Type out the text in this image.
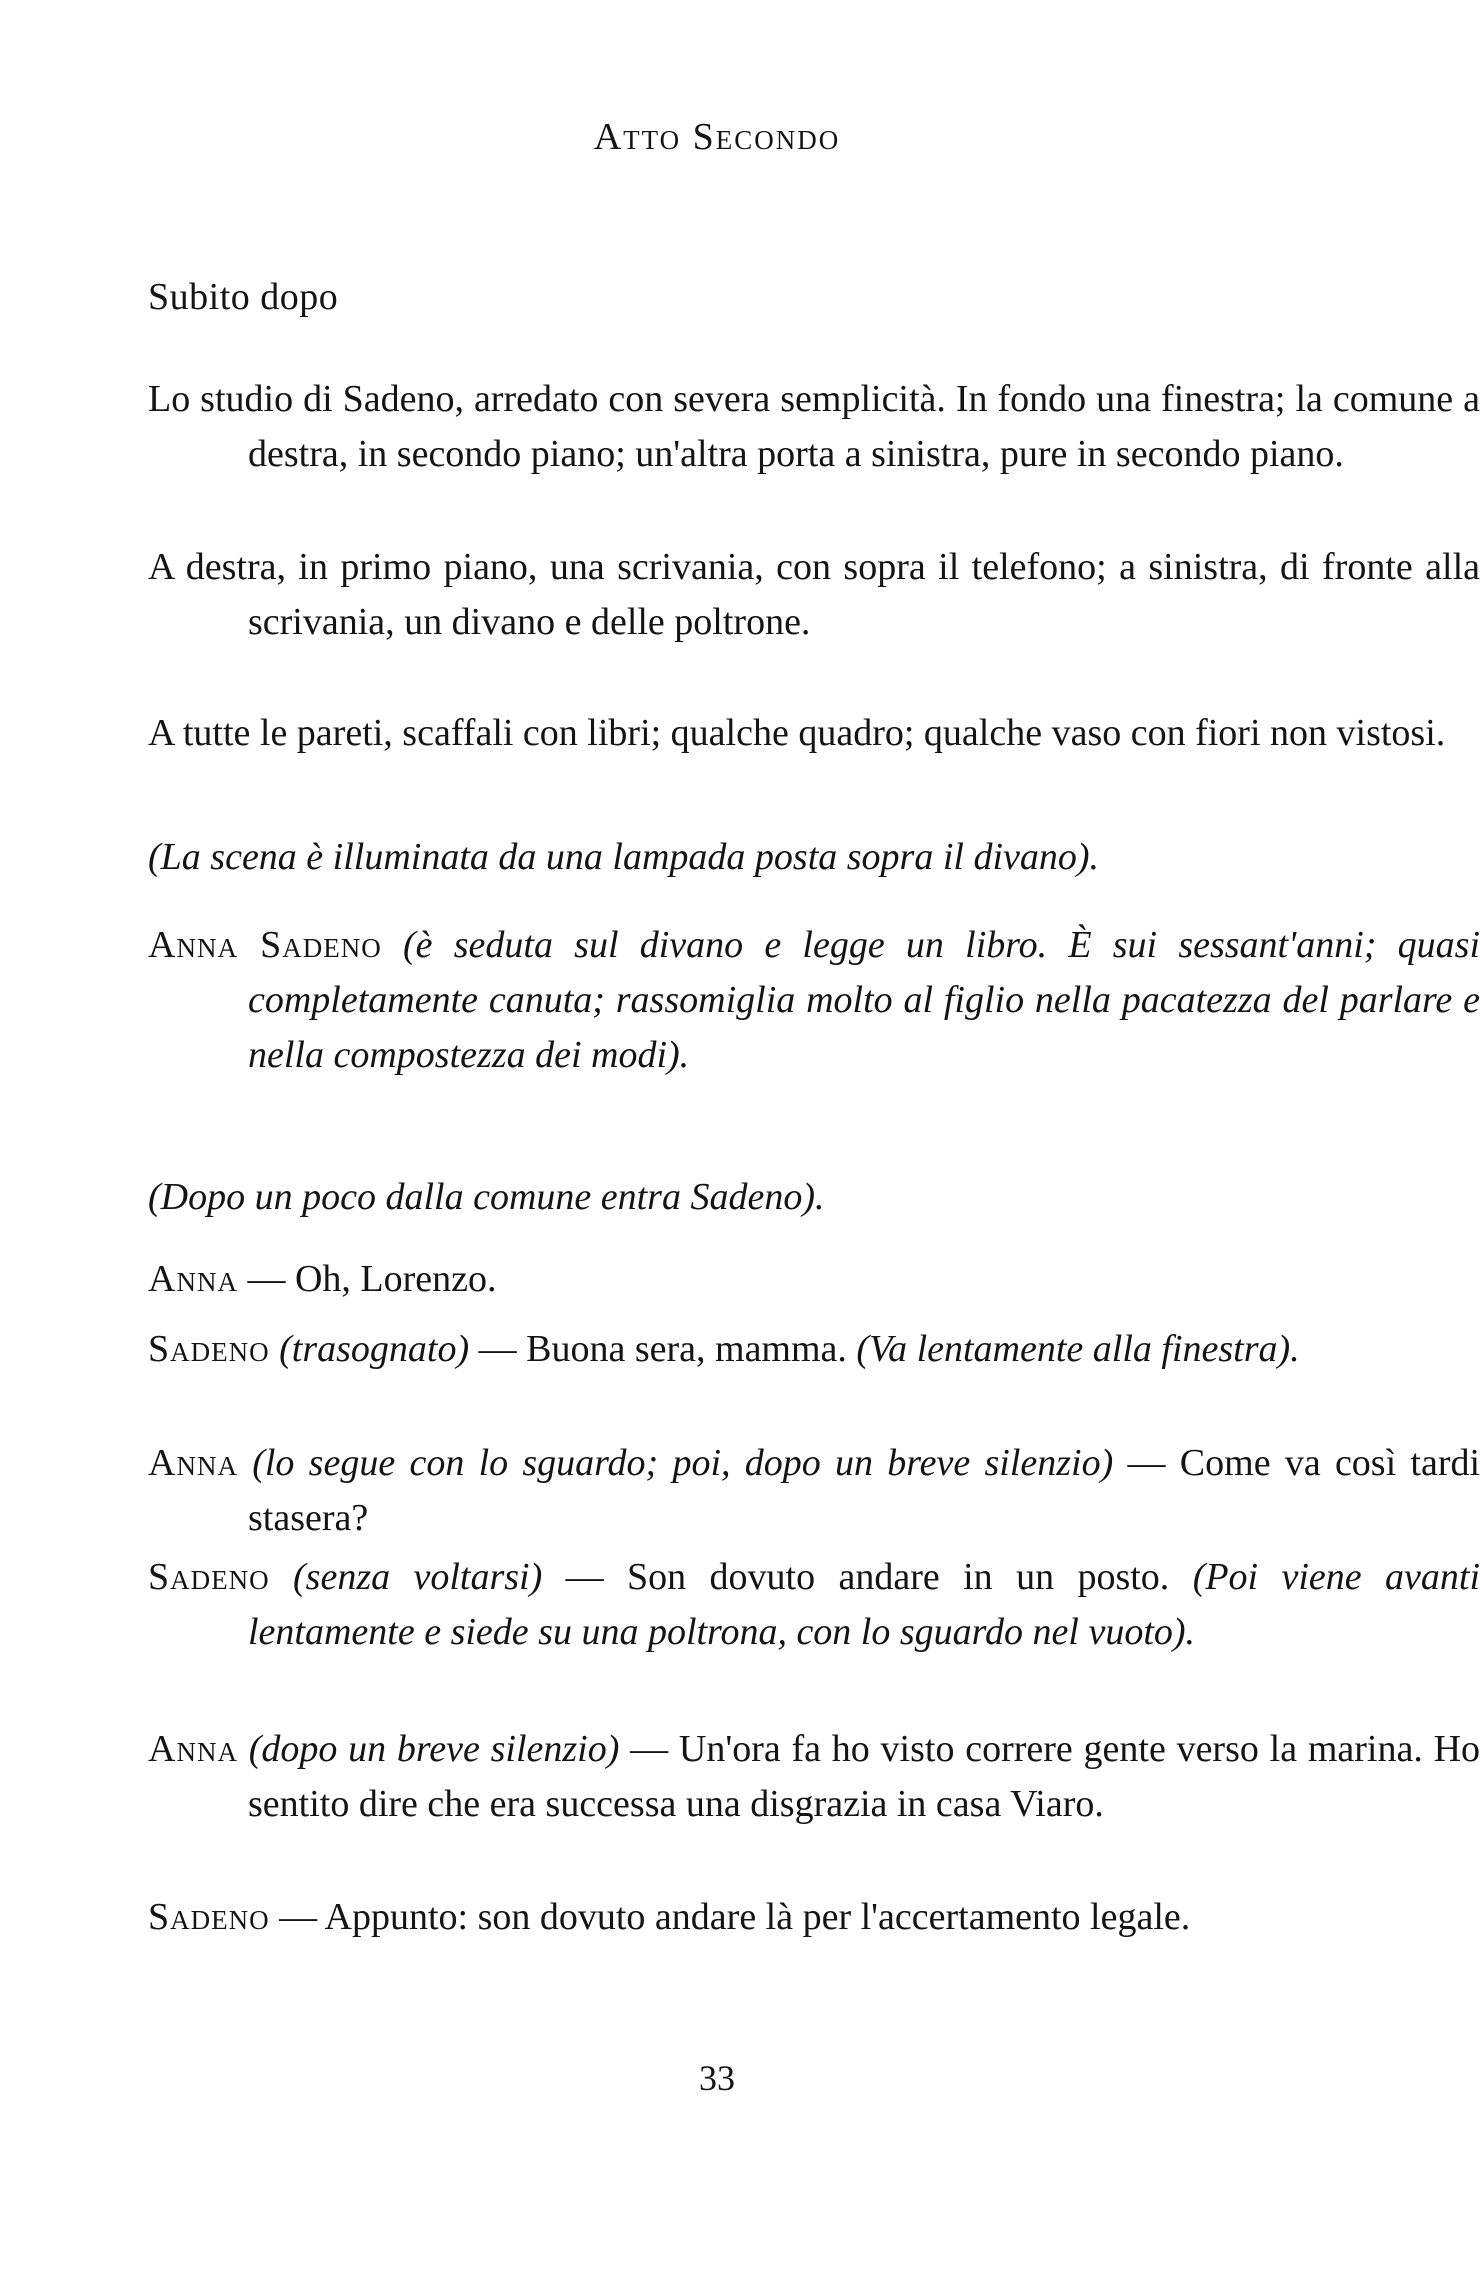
Atto Secondo
Subito dopo
Lo studio di Sadeno, arredato con severa semplicità. In fondo una finestra; la comune a destra, in secondo piano; un'altra porta a sinistra, pure in secondo piano.
A destra, in primo piano, una scrivania, con sopra il telefono; a sinistra, di fronte alla scrivania, un divano e delle poltrone.
A tutte le pareti, scaffali con libri; qualche quadro; qualche vaso con fiori non vistosi.
(La scena è illuminata da una lampada posta sopra il divano).
Anna Sadeno (è seduta sul divano e legge un libro. È sui sessant'anni; quasi completamente canuta; rassomiglia molto al figlio nella pacatezza del parlare e nella compostezza dei modi).
(Dopo un poco dalla comune entra Sadeno).
Anna — Oh, Lorenzo.
Sadeno (trasognato) — Buona sera, mamma. (Va lentamente alla finestra).
Anna (lo segue con lo sguardo; poi, dopo un breve silenzio) — Come va così tardi stasera?
Sadeno (senza voltarsi) — Son dovuto andare in un posto. (Poi viene avanti lentamente e siede su una poltrona, con lo sguardo nel vuoto).
Anna (dopo un breve silenzio) — Un'ora fa ho visto correre gente verso la marina. Ho sentito dire che era successa una disgrazia in casa Viaro.
Sadeno — Appunto: son dovuto andare là per l'accertamento legale.
33
